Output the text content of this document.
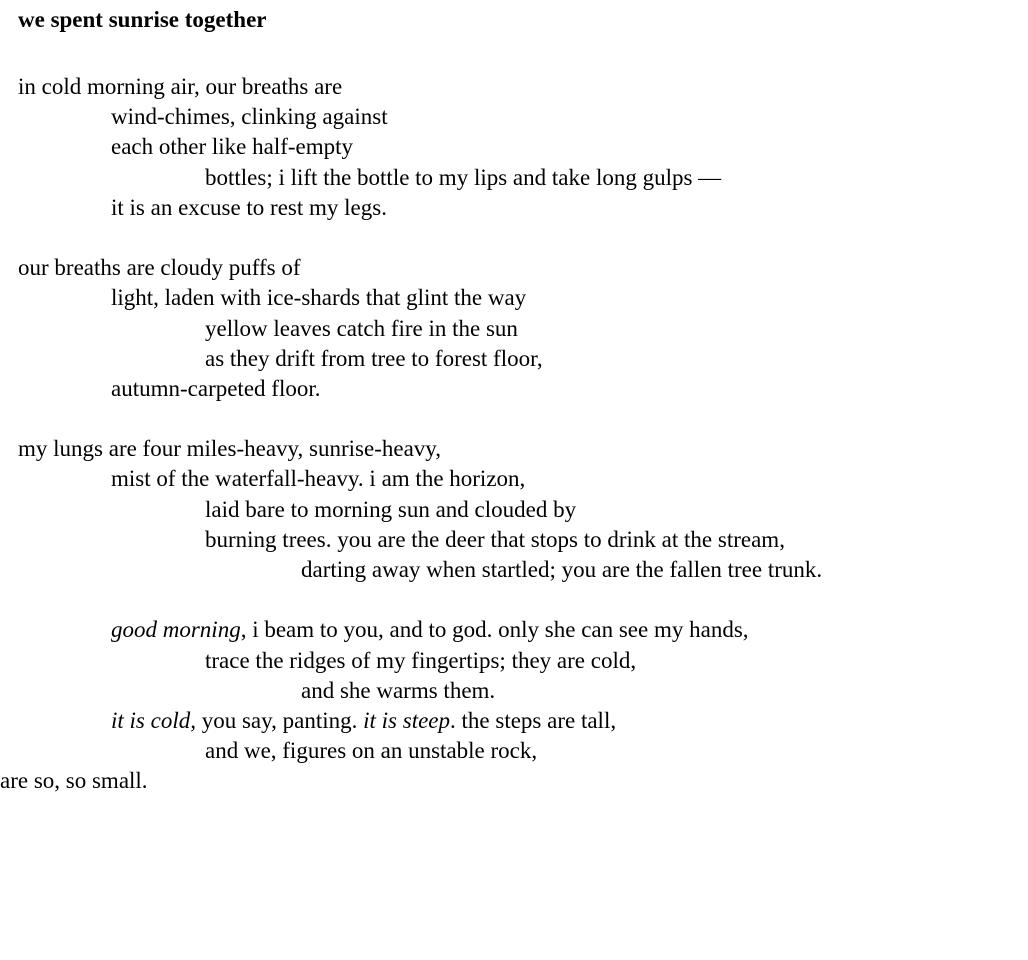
we spent sunrise together
in cold morning air, our breaths are
wind-chimes, clinking against
each other like half-empty
bottles; i lift the bottle to my lips and take long gulps —
it is an excuse to rest my legs.
our breaths are cloudy puffs of
light, laden with ice-shards that glint the way
yellow leaves catch fire in the sun
as they drift from tree to forest floor,
autumn-carpeted floor.
my lungs are four miles-heavy, sunrise-heavy,
mist of the waterfall-heavy. i am the horizon,
laid bare to morning sun and clouded by
burning trees. you are the deer that stops to drink at the stream,
darting away when startled; you are the fallen tree trunk.
good morning, i beam to you, and to god. only she can see my hands,
trace the ridges of my fingertips; they are cold,
and she warms them.
it is cold, you say, panting. it is steep. the steps are tall,
and we, figures on an unstable rock,
are so, so small.
